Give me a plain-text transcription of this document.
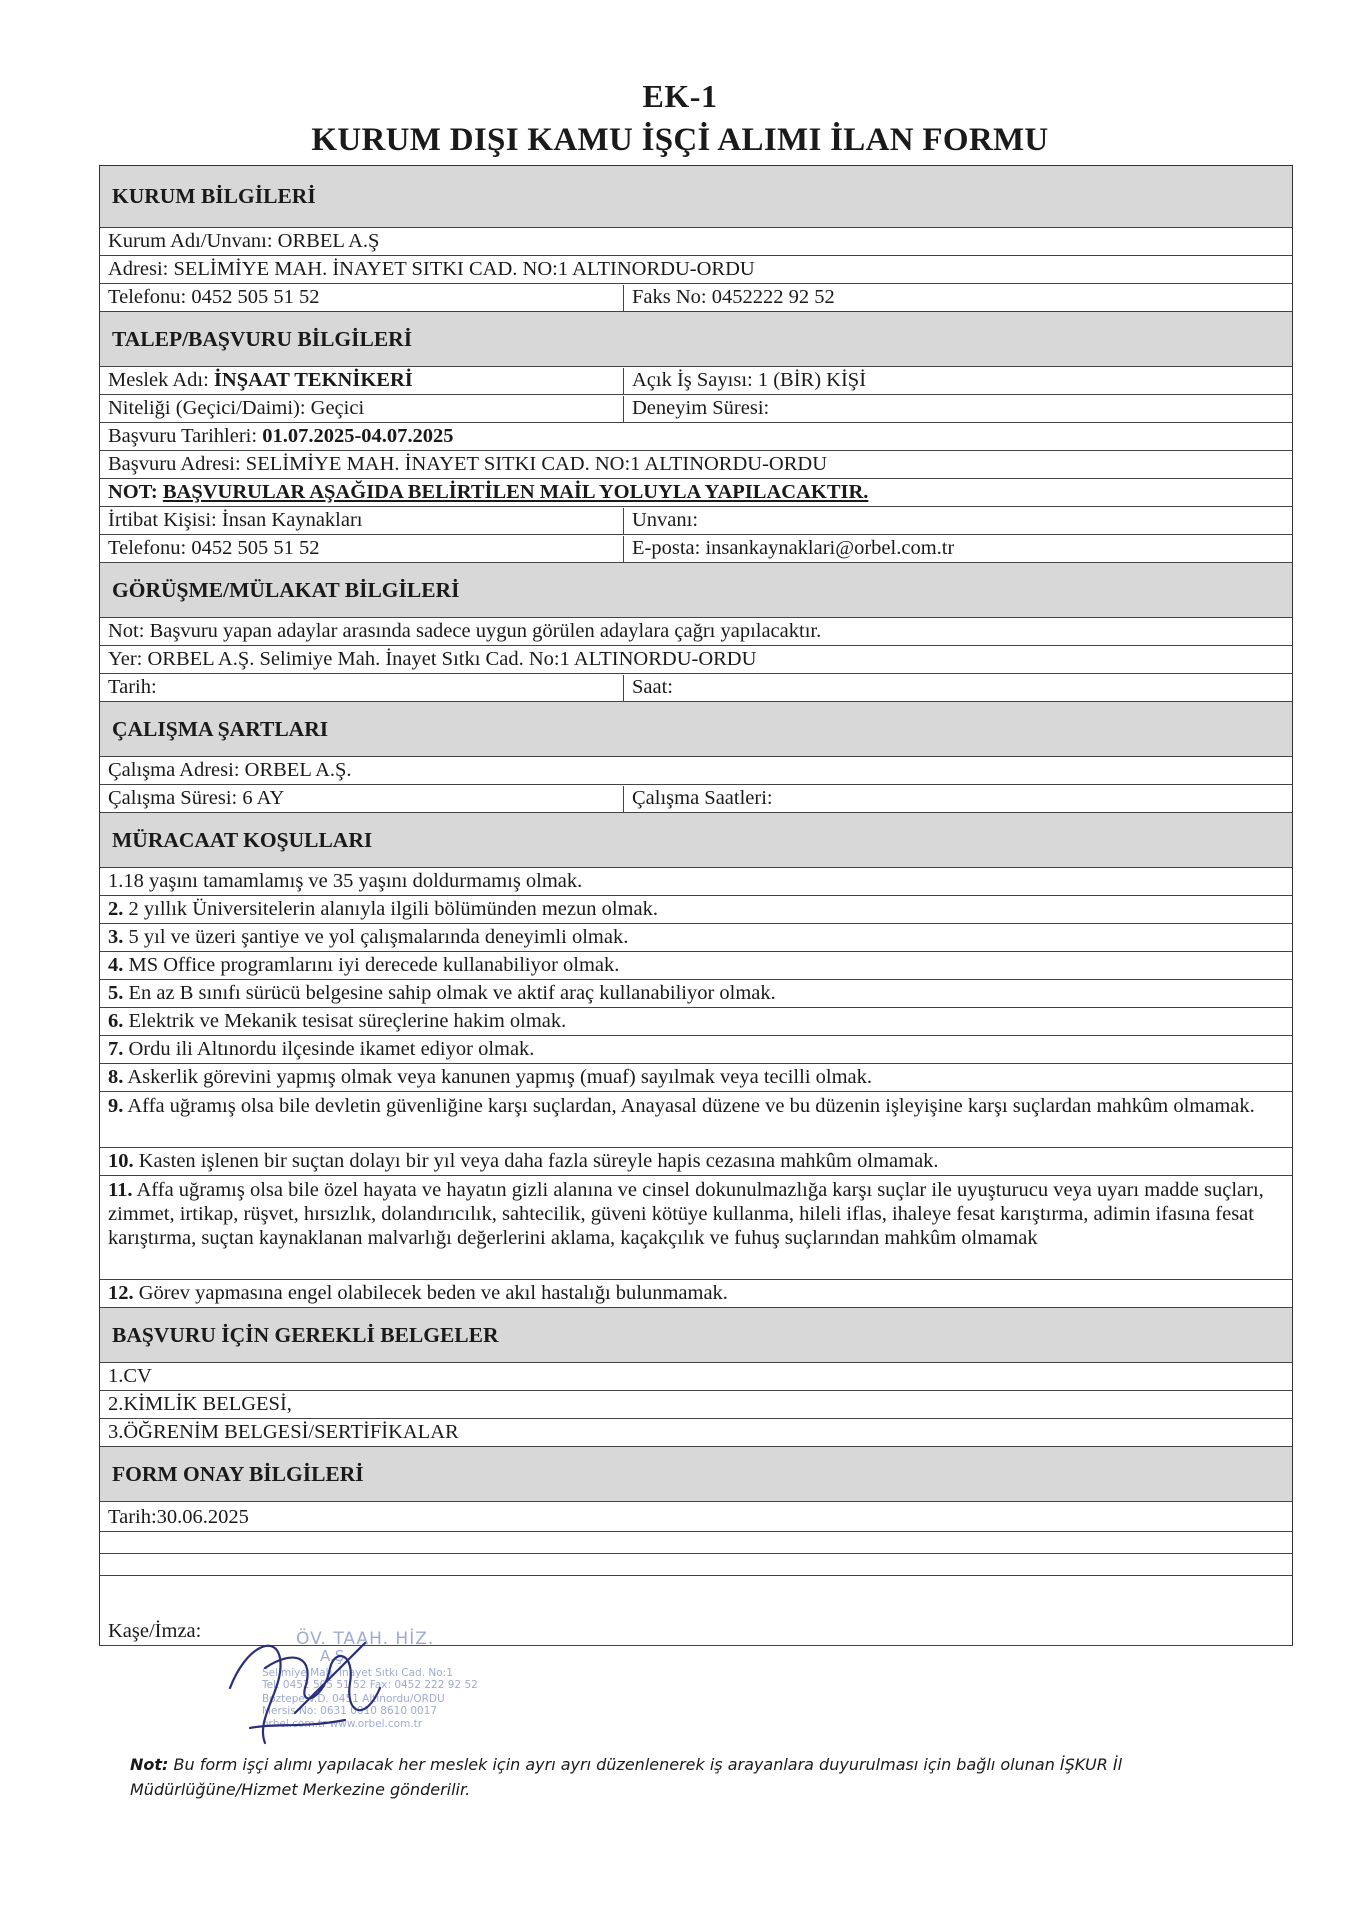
EK-1
KURUM DIŞI KAMU İŞÇİ ALIMI İLAN FORMU
KURUM BİLGİLERİ
Kurum Adı/Unvanı: ORBEL A.Ş
Adresi: SELİMİYE MAH. İNAYET SITKI CAD. NO:1 ALTINORDU-ORDU
Telefonu: 0452 505 51 52	Faks No: 0452222 92 52
TALEP/BAŞVURU BİLGİLERİ
Meslek Adı: İNŞAAT TEKNİKERİ	Açık İş Sayısı: 1 (BİR) KİŞİ
Niteliği (Geçici/Daimi): Geçici	Deneyim Süresi:
Başvuru Tarihleri: 01.07.2025-04.07.2025
Başvuru Adresi: SELİMİYE MAH. İNAYET SITKI CAD. NO:1 ALTINORDU-ORDU
NOT: BAŞVURULAR AŞAĞIDA BELİRTİLEN MAİL YOLUYLA YAPILACAKTIR.
İrtibat Kişisi: İnsan Kaynakları	Unvanı:
Telefonu: 0452 505 51 52	E-posta: insankaynaklari@orbel.com.tr
GÖRÜŞME/MÜLAKAT BİLGİLERİ
Not: Başvuru yapan adaylar arasında sadece uygun görülen adaylara çağrı yapılacaktır.
Yer: ORBEL A.Ş. Selimiye Mah. İnayet Sıtkı Cad. No:1 ALTINORDU-ORDU
Tarih:	Saat:
ÇALIŞMA ŞARTLARI
Çalışma Adresi: ORBEL A.Ş.
Çalışma Süresi: 6 AY	Çalışma Saatleri:
MÜRACAAT KOŞULLARI
1.18 yaşını tamamlamış ve 35 yaşını doldurmamış olmak.
2. 2 yıllık Üniversitelerin alanıyla ilgili bölümünden mezun olmak.
3. 5 yıl ve üzeri şantiye ve yol çalışmalarında deneyimli olmak.
4. MS Office programlarını iyi derecede kullanabiliyor olmak.
5. En az B sınıfı sürücü belgesine sahip olmak ve aktif araç kullanabiliyor olmak.
6. Elektrik ve Mekanik tesisat süreçlerine hakim olmak.
7. Ordu ili Altınordu ilçesinde ikamet ediyor olmak.
8. Askerlik görevini yapmış olmak veya kanunen yapmış (muaf) sayılmak veya tecilli olmak.
9. Affa uğramış olsa bile devletin güvenliğine karşı suçlardan, Anayasal düzene ve bu düzenin işleyişine karşı suçlardan mahkûm olmamak.
10. Kasten işlenen bir suçtan dolayı bir yıl veya daha fazla süreyle hapis cezasına mahkûm olmamak.
11. Affa uğramış olsa bile özel hayata ve hayatın gizli alanına ve cinsel dokunulmazlığa karşı suçlar ile uyuşturucu veya uyarı madde suçları, zimmet, irtikap, rüşvet, hırsızlık, dolandırıcılık, sahtecilik, güveni kötüye kullanma, hileli iflas, ihaleye fesat karıştırma, adimin ifasına fesat karıştırma, suçtan kaynaklanan malvarlığı değerlerini aklama, kaçakçılık ve fuhuş suçlarından mahkûm olmamak
12. Görev yapmasına engel olabilecek beden ve akıl hastalığı bulunmamak.
BAŞVURU İÇİN GEREKLİ BELGELER
1.CV
2.KİMLİK BELGESİ,
3.ÖĞRENİM BELGESİ/SERTİFİKALAR
FORM ONAY BİLGİLERİ
Tarih:30.06.2025
Kaşe/İmza:	ÖV. TAAH. HİZ.
A.Ş.
Selimiye Mah. İnayet Sıtkı Cad. No:1
Tel: 0452 505 51 52 Fax: 0452 222 92 52
Boztepe V.D. 0451 Altınordu/ORDU
Mersis No: 0631 0010 8610 0017
orbel.com.tr www.orbel.com.tr
Not: Bu form işçi alımı yapılacak her meslek için ayrı ayrı düzenlenerek iş arayanlara duyurulması için bağlı olunan İŞKUR İl Müdürlüğüne/Hizmet Merkezine gönderilir.
